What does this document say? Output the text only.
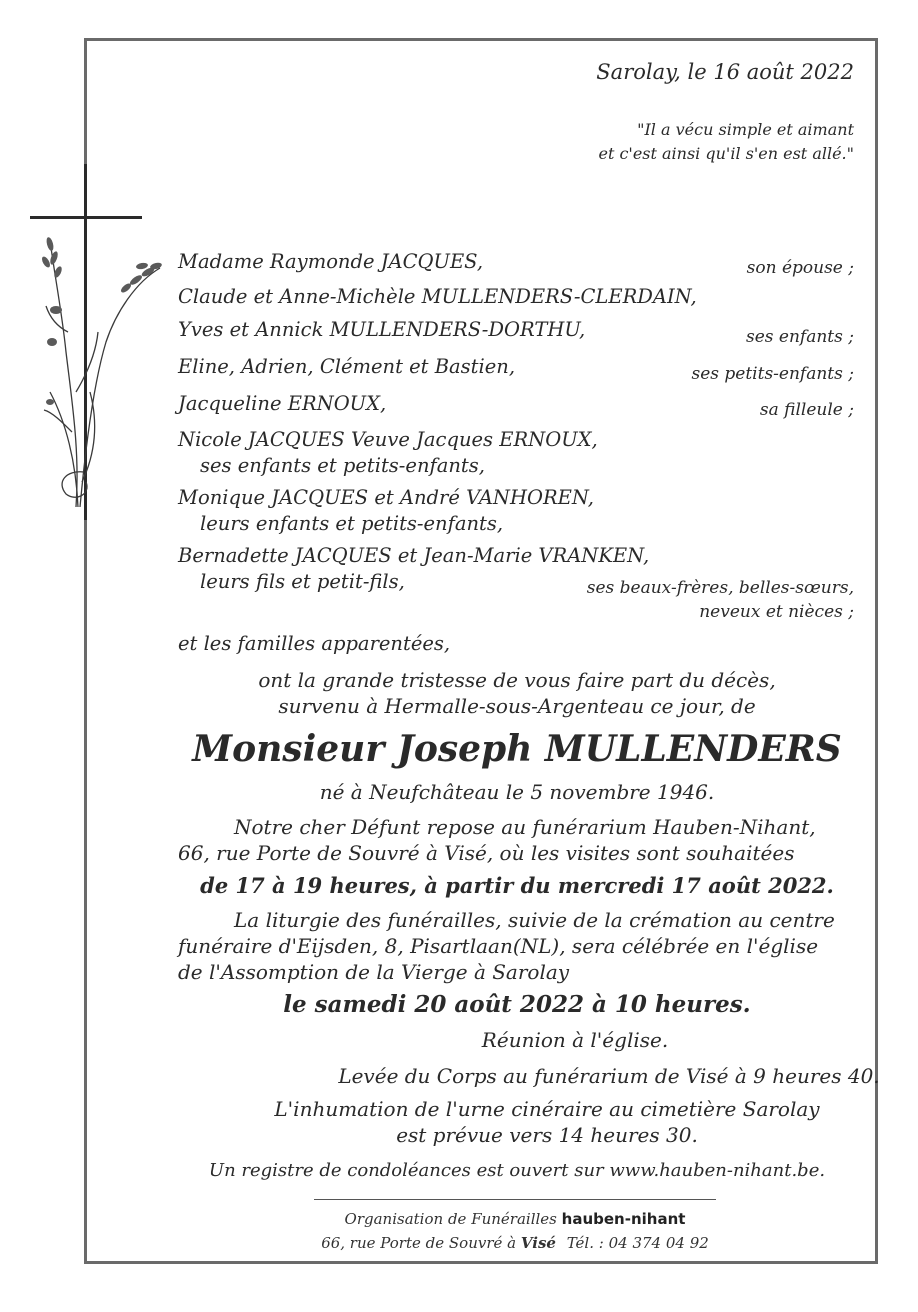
Sarolay, le 16 août 2022
"Il a vécu simple et aimant
et c'est ainsi qu'il s'en est allé."
Madame Raymonde JACQUES,	son épouse ;
Claude et Anne-Michèle MULLENDERS-CLERDAIN,
Yves et Annick MULLENDERS-DORTHU,	ses enfants ;
Eline, Adrien, Clément et Bastien,	ses petits-enfants ;
Jacqueline ERNOUX,	sa filleule ;
Nicole JACQUES Veuve Jacques ERNOUX,
ses enfants et petits-enfants,
Monique JACQUES et André VANHOREN,
leurs enfants et petits-enfants,
Bernadette JACQUES et Jean-Marie VRANKEN,
leurs fils et petit-fils,	ses beaux-frères, belles-sœurs,
neveux et nièces ;
et les familles apparentées,
ont la grande tristesse de vous faire part du décès,
survenu à Hermalle-sous-Argenteau ce jour, de
Monsieur Joseph MULLENDERS
né à Neufchâteau le 5 novembre 1946.
Notre cher Défunt repose au funérarium Hauben-Nihant,
66, rue Porte de Souvré à Visé, où les visites sont souhaitées
de 17 à 19 heures, à partir du mercredi 17 août 2022.
La liturgie des funérailles, suivie de la crémation au centre
funéraire d'Eijsden, 8, Pisartlaan(NL), sera célébrée en l'église
de l'Assomption de la Vierge à Sarolay
le samedi 20 août 2022 à 10 heures.
Réunion à l'église.
Levée du Corps au funérarium de Visé à 9 heures 40.
L'inhumation de l'urne cinéraire au cimetière Sarolay
est prévue vers 14 heures 30.
Un registre de condoléances est ouvert sur www.hauben-nihant.be.
Organisation de Funérailles hauben-nihant
66, rue Porte de Souvré à Visé Tél. : 04 374 04 92
